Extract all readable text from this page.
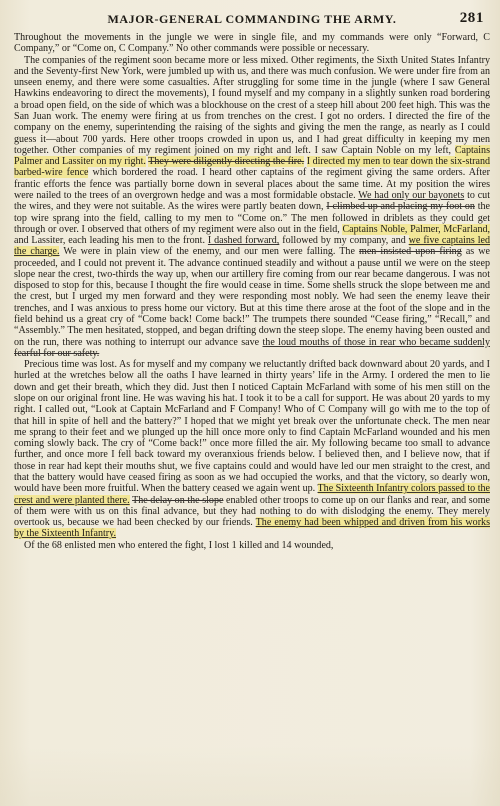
MAJOR-GENERAL COMMANDING THE ARMY.	281

Throughout the movements in the jungle we were in single file, and my commands were only “Forward, C Company,” or “Come on, C Company.” No other commands were possible or necessary.

The companies of the regiment soon became more or less mixed. Other regiments, the Sixth United States Infantry and the Seventy-first New York, were jumbled up with us, and there was much confusion. We were under fire from an unseen enemy, and there were some casualties. After struggling for some time in the jungle (where I saw General Hawkins endeavoring to direct the movements), I found myself and my company in a slightly sunken road bordering a broad open field, on the side of which was a blockhouse on the crest of a steep hill about 200 feet high. This was the San Juan work. The enemy were firing at us from trenches on the crest. I got no orders. I directed the fire of the company on the enemy, superintending the raising of the sights and giving the men the range, as nearly as I could guess it—about 700 yards. Here other troops crowded in upon us, and I had great difficulty in keeping my men together. Other companies of my regiment joined on my right and left. I saw Captain Noble on my left, Captains Palmer and Lassiter on my right. They were diligently directing the fire. I directed my men to tear down the six-strand barbed-wire fence which bordered the road. I heard other captains of the regiment giving the same orders. After frantic efforts the fence was partially borne down in several places about the same time. At my position the wires were nailed to the trees of an overgrown hedge and was a most formidable obstacle. We had only our bayonets to cut the wires, and they were not suitable. As the wires were partly beaten down, I climbed up and placing my foot on the top wire sprang into the field, calling to my men to “Come on.” The men followed in driblets as they could get through or over. I observed that others of my regiment were also out in the field, Captains Noble, Palmer, McFarland, and Lassiter, each leading his men to the front. I dashed forward, followed by my company, and we five captains led the charge. We were in plain view of the enemy, and our men were falling. The men insisted upon firing as we proceeded, and I could not prevent it. The advance continued steadily and without a pause until we were on the steep slope near the crest, two-thirds the way up, when our artillery fire coming from our rear became dangerous. I was not disposed to stop for this, because I thought the fire would cease in time. Some shells struck the slope between me and the crest, but I urged my men forward and they were responding most nobly. We had seen the enemy leave their trenches, and I was anxious to press home our victory. But at this time there arose at the foot of the slope and in the field behind us a great cry of “Come back! Come back!” The trumpets there sounded “Cease firing,” “Recall,” and “Assembly.” The men hesitated, stopped, and began drifting down the steep slope. The enemy having been ousted and on the run, there was nothing to interrupt our advance save the loud mouths of those in rear who became suddenly fearful for our safety.

Precious time was lost. As for myself and my company we reluctantly drifted back downward about 20 yards, and I hurled at the wretches below all the oaths I have learned in thirty years’ life in the Army. I ordered the men to lie down and get their breath, which they did. Just then I noticed Captain McFarland with some of his men still on the slope on our original front line. He was waving his hat. I took it to be a call for support. He was about 20 yards to my right. I called out, “Look at Captain McFarland and F Company! Who of C Company will go with me to the top of that hill in spite of hell and the battery?” I hoped that we might yet break over the unfortunate check. The men near me sprang to their feet and we plunged up the hill once more only to find Captain McFarland wounded and his men coming slowly back. The cry of “Come back!” once more filled the air. My following became too small to advance further, and once more I fell back toward my overanxious friends below. I believed then, and I believe now, that if those in rear had kept their mouths shut, we five captains could and would have led our men straight to the crest, and that the battery would have ceased firing as soon as we had occupied the works, and that the victory, so dearly won, would have been more fruitful. When the battery ceased we again went up. The Sixteenth Infantry colors passed to the crest and were planted there. The delay on the slope enabled other troops to come up on our flanks and rear, and some of them were with us on this final advance, but they had nothing to do with dislodging the enemy. They merely overtook us, because we had been checked by our friends. The enemy had been whipped and driven from his works by the Sixteenth Infantry.

Of the 68 enlisted men who entered the fight, I lost 1 killed and 14 wounded,
